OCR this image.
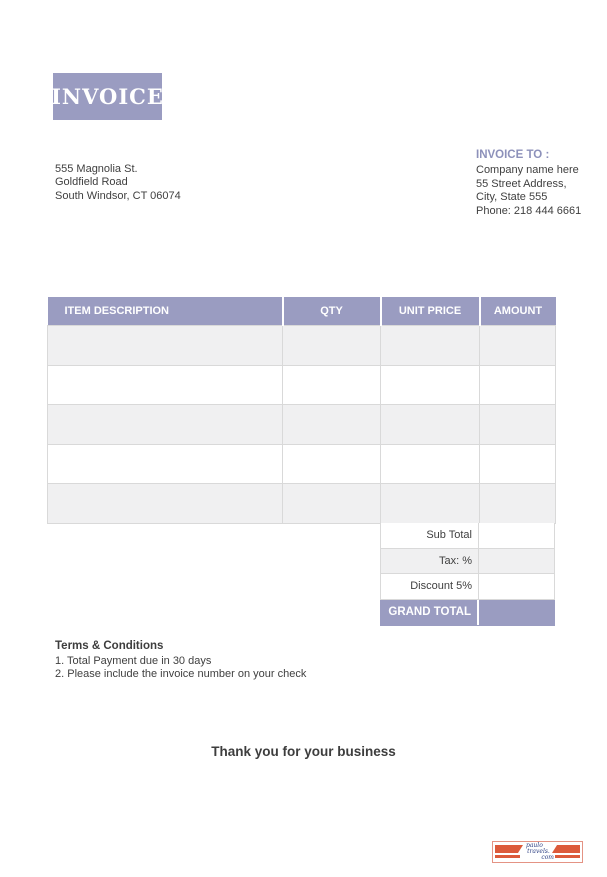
INVOICE
555 Magnolia St.
Goldfield Road
South Windsor, CT 06074
INVOICE TO :
Company name here
55 Street Address,
City, State 555
Phone: 218 444 6661
ITEM DESCRIPTION	QTY	UNIT PRICE	AMOUNT

Sub Total
Tax: %
Discount 5%
GRAND TOTAL
Terms & Conditions
1. Total Payment due in 30 days
2. Please include the invoice number on your check
Thank you for your business
paulo
travels.
com
